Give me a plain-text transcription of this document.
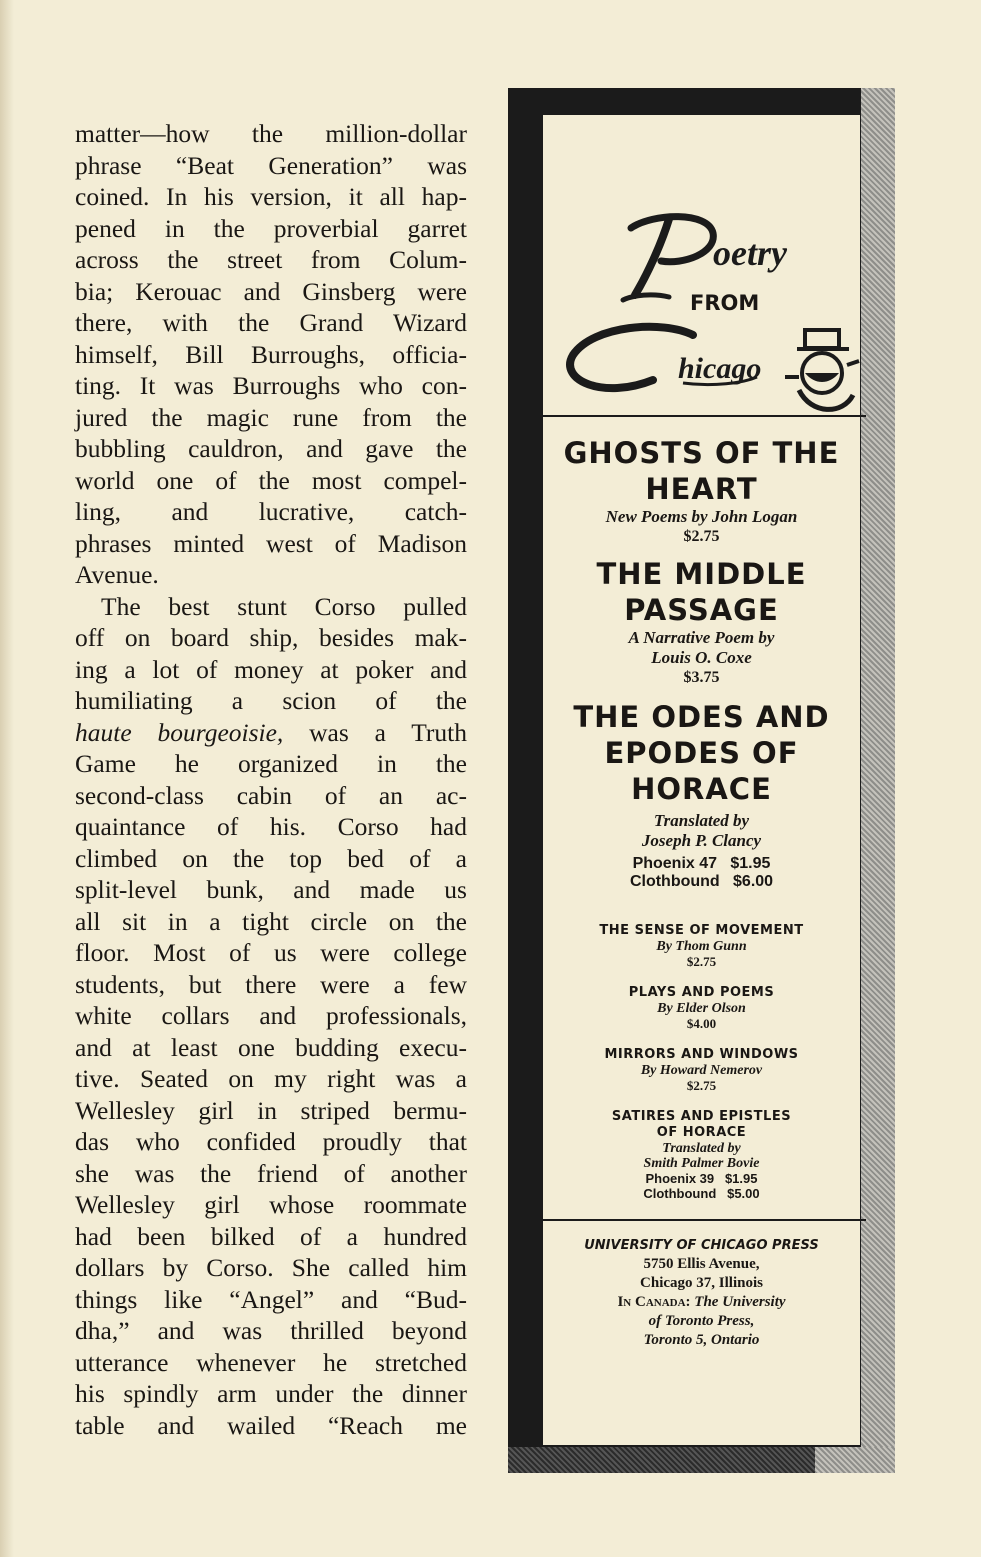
matter—how the million-dollar
phrase “Beat Generation” was
coined. In his version, it all hap-
pened in the proverbial garret
across the street from Colum-
bia; Kerouac and Ginsberg were
there, with the Grand Wizard
himself, Bill Burroughs, officia-
ting. It was Burroughs who con-
jured the magic rune from the
bubbling cauldron, and gave the
world one of the most compel-
ling, and lucrative, catch-
phrases minted west of Madison
Avenue.

The best stunt Corso pulled
off on board ship, besides mak-
ing a lot of money at poker and
humiliating a scion of the
haute bourgeoisie, was a Truth
Game he organized in the
second-class cabin of an ac-
quaintance of his. Corso had
climbed on the top bed of a
split-level bunk, and made us
all sit in a tight circle on the
floor. Most of us were college
students, but there were a few
white collars and professionals,
and at least one budding execu-
tive. Seated on my right was a
Wellesley girl in striped bermu-
das who confided proudly that
she was the friend of another
Wellesley girl whose roommate
had been bilked of a hundred
dollars by Corso. She called him
things like “Angel” and “Bud-
dha,” and was thrilled beyond
utterance whenever he stretched
his spindly arm under the dinner
table and wailed “Reach me

oetry
hicago
FROM

GHOSTS OF THE

HEART

New Poems by John Logan

$2.75

THE MIDDLE

PASSAGE

A Narrative Poem by

Louis O. Coxe

$3.75

THE ODES AND

EPODES OF

HORACE

Translated by

Joseph P. Clancy

Phoenix 47   $1.95

Clothbound   $6.00

THE SENSE OF MOVEMENT

By Thom Gunn

$2.75

PLAYS AND POEMS

By Elder Olson

$4.00

MIRRORS AND WINDOWS

By Howard Nemerov

$2.75

SATIRES AND EPISTLES

OF HORACE

Translated by

Smith Palmer Bovie

Phoenix 39   $1.95

Clothbound   $5.00

UNIVERSITY OF CHICAGO PRESS

5750 Ellis Avenue,

Chicago 37, Illinois

In Canada: The University

of Toronto Press,

Toronto 5, Ontario
